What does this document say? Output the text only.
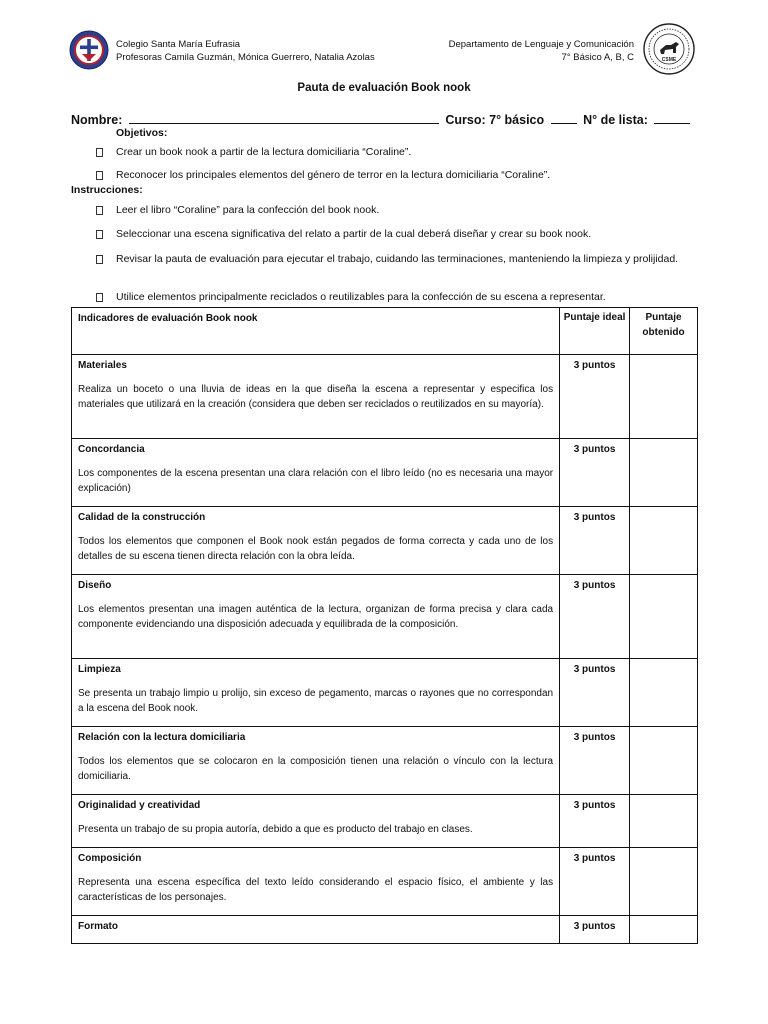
CSME
Colegio Santa María Eufrasia
Profesoras Camila Guzmán, Mónica Guerrero, Natalia Azolas
Departamento de Lenguaje y Comunicación
7° Básico A, B, C
Pauta de evaluación Book nook
Nombre:	Curso: 7° básico	N° de lista:
Objetivos:
Crear un book nook a partir de la lectura domiciliaria “Coraline”.
Reconocer los principales elementos del género de terror en la lectura domiciliaria “Coraline”.
Instrucciones:
Leer el libro “Coraline” para la confección del book nook.
Seleccionar una escena significativa del relato a partir de la cual deberá diseñar y crear su book nook.
Revisar la pauta de evaluación para ejecutar el trabajo, cuidando las terminaciones, manteniendo la limpieza y prolijidad.
Utilice elementos principalmente reciclados o reutilizables para la confección de su escena a representar.
Indicadores de evaluación Book nook	Puntaje ideal	Puntaje obtenido

Materiales
Realiza un boceto o una lluvia de ideas en la que diseña la escena a representar y especifica los materiales que utilizará en la creación (considera que deben ser reciclados o reutilizados en su mayoría).	3 puntos	

Concordancia
Los componentes de la escena presentan una clara relación con el libro leído (no es necesaria una mayor explicación)	3 puntos	

Calidad de la construcción
Todos los elementos que componen el Book nook están pegados de forma correcta y cada uno de los detalles de su escena tienen directa relación con la obra leída.	3 puntos	

Diseño
Los elementos presentan una imagen auténtica de la lectura, organizan de forma precisa y clara cada componente evidenciando una disposición adecuada y equilibrada de la composición.	3 puntos	

Limpieza
Se presenta un trabajo limpio u prolijo, sin exceso de pegamento, marcas o rayones que no correspondan a la escena del Book nook.	3 puntos	

Relación con la lectura domiciliaria
Todos los elementos que se colocaron en la composición tienen una relación o vínculo con la lectura domiciliaria.	3 puntos	

Originalidad y creatividad
Presenta un trabajo de su propia autoría, debido a que es producto del trabajo en clases.	3 puntos	

Composición
Representa una escena específica del texto leído considerando el espacio físico, el ambiente y las características de los personajes.	3 puntos	

Formato	3 puntos	
